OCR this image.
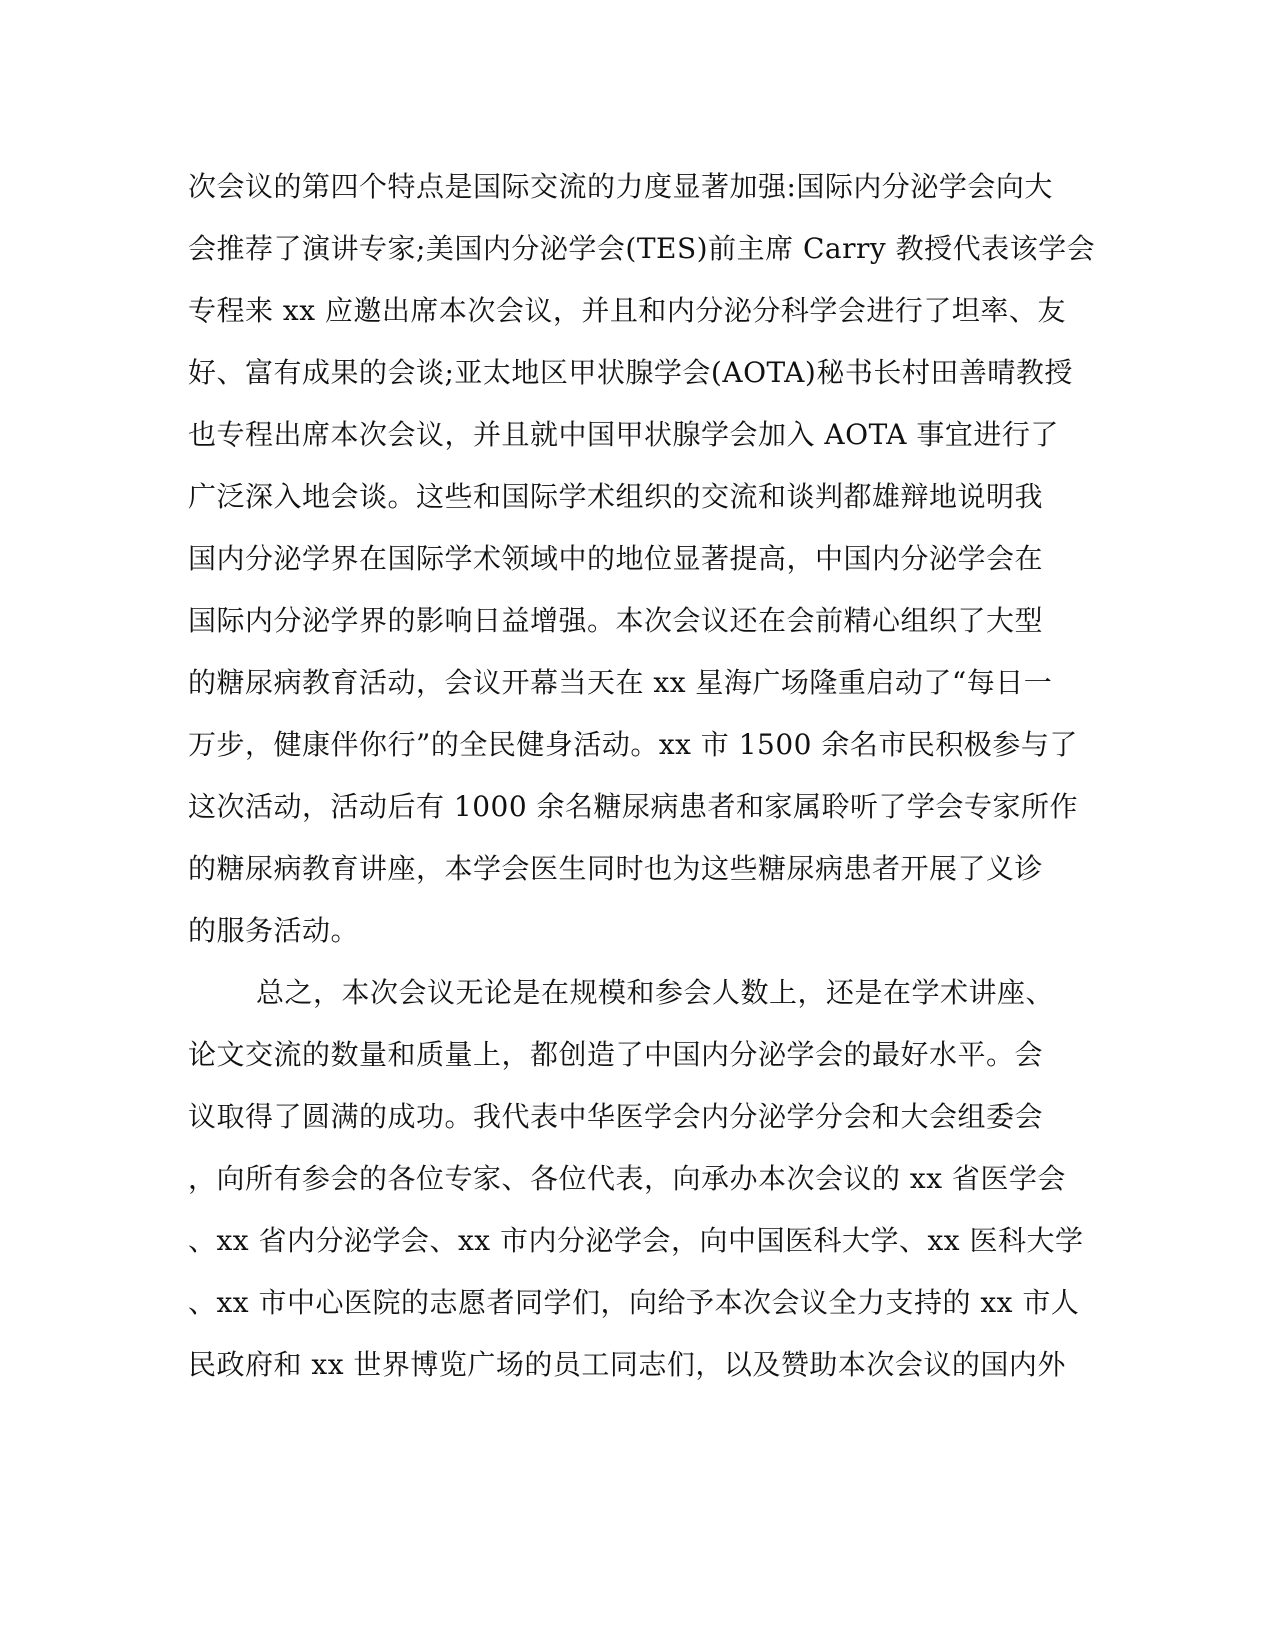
次会议的第四个特点是国际交流的力度显著加强:国际内分泌学会向大
会推荐了演讲专家;美国内分泌学会(TES)前主席 Carry 教授代表该学会
专程来 xx 应邀出席本次会议，并且和内分泌分科学会进行了坦率、友
好、富有成果的会谈;亚太地区甲状腺学会(AOTA)秘书长村田善晴教授
也专程出席本次会议，并且就中国甲状腺学会加入 AOTA 事宜进行了
广泛深入地会谈。这些和国际学术组织的交流和谈判都雄辩地说明我
国内分泌学界在国际学术领域中的地位显著提高，中国内分泌学会在
国际内分泌学界的影响日益增强。本次会议还在会前精心组织了大型
的糖尿病教育活动，会议开幕当天在 xx 星海广场隆重启动了“每日一
万步，健康伴你行”的全民健身活动。xx 市 1500 余名市民积极参与了
这次活动，活动后有 1000 余名糖尿病患者和家属聆听了学会专家所作
的糖尿病教育讲座，本学会医生同时也为这些糖尿病患者开展了义诊
的服务活动。
总之，本次会议无论是在规模和参会人数上，还是在学术讲座、
论文交流的数量和质量上，都创造了中国内分泌学会的最好水平。会
议取得了圆满的成功。我代表中华医学会内分泌学分会和大会组委会
，向所有参会的各位专家、各位代表，向承办本次会议的 xx 省医学会
、xx 省内分泌学会、xx 市内分泌学会，向中国医科大学、xx 医科大学
、xx 市中心医院的志愿者同学们，向给予本次会议全力支持的 xx 市人
民政府和 xx 世界博览广场的员工同志们，以及赞助本次会议的国内外
